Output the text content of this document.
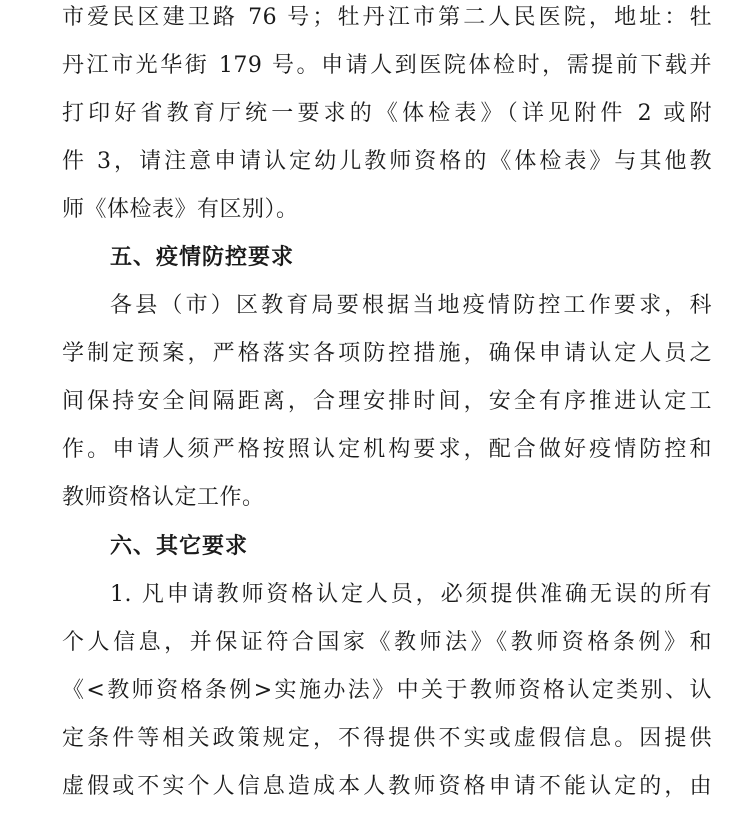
市爱民区建卫路 76 号；牡丹江市第二人民医院，地址：牡
丹江市光华街 179 号。申请人到医院体检时，需提前下载并
打印好省教育厅统一要求的《体检表》（详见附件 2 或附
件 3，请注意申请认定幼儿教师资格的《体检表》与其他教
师《体检表》有区别）。
五、疫情防控要求
各县（市）区教育局要根据当地疫情防控工作要求，科
学制定预案，严格落实各项防控措施，确保申请认定人员之
间保持安全间隔距离，合理安排时间，安全有序推进认定工
作。申请人须严格按照认定机构要求，配合做好疫情防控和
教师资格认定工作。
六、其它要求
1. 凡申请教师资格认定人员，必须提供准确无误的所有
个人信息，并保证符合国家《教师法》《教师资格条例》和
《<教师资格条例>实施办法》中关于教师资格认定类别、认
定条件等相关政策规定，不得提供不实或虚假信息。因提供
虚假或不实个人信息造成本人教师资格申请不能认定的，由
